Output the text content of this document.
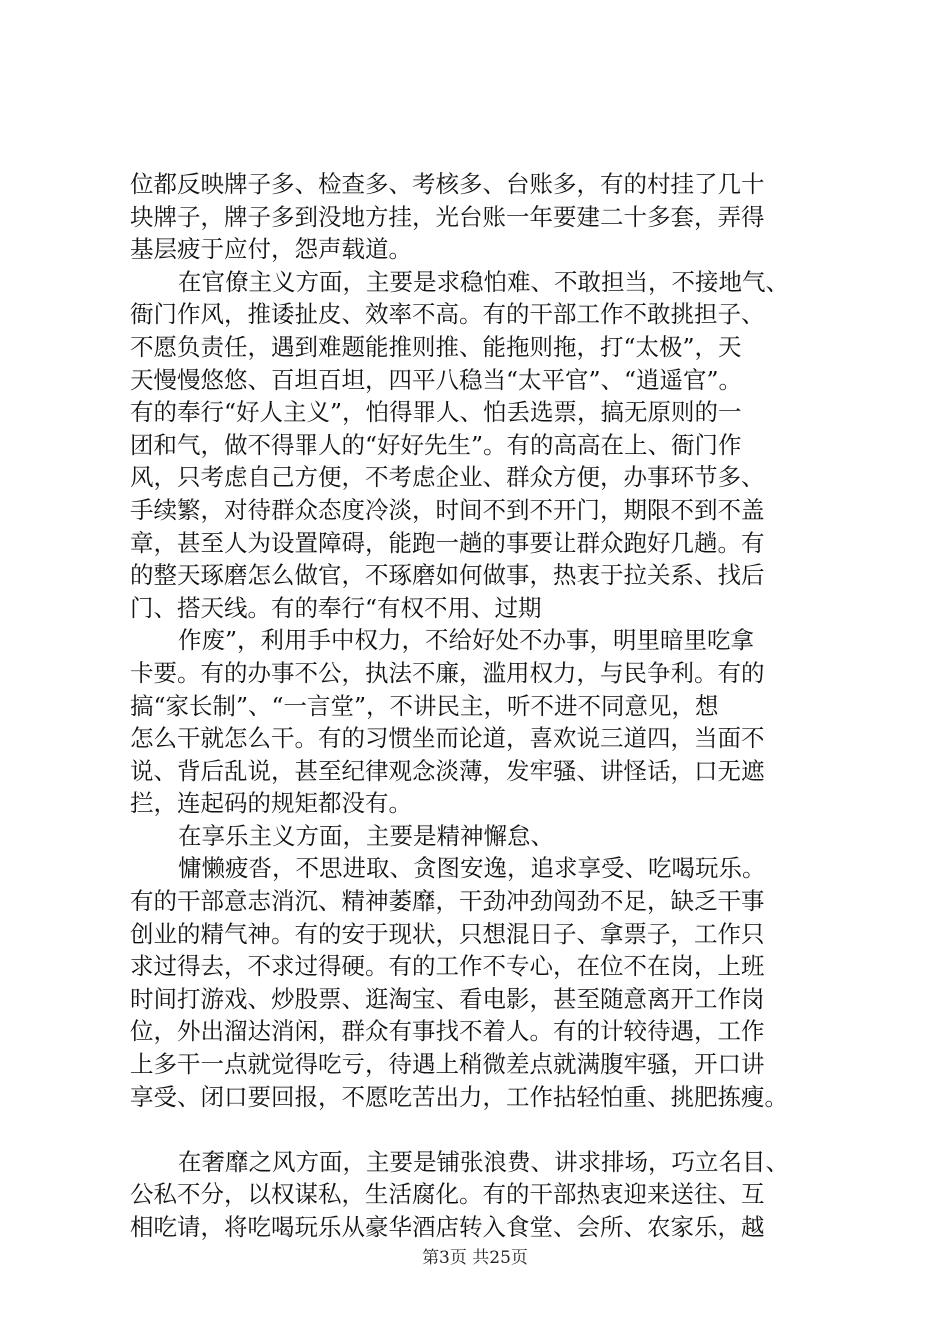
位都反映牌子多、检查多、考核多、台账多，有的村挂了几十
块牌子，牌子多到没地方挂，光台账一年要建二十多套，弄得
基层疲于应付，怨声载道。
在官僚主义方面，主要是求稳怕难、不敢担当，不接地气、
衙门作风，推诿扯皮、效率不高。有的干部工作不敢挑担子、
不愿负责任，遇到难题能推则推、能拖则拖，打“太极”，天
天慢慢悠悠、百坦百坦，四平八稳当“太平官”、“逍遥官”。
有的奉行“好人主义”，怕得罪人、怕丢选票，搞无原则的一
团和气，做不得罪人的“好好先生”。有的高高在上、衙门作
风，只考虑自己方便，不考虑企业、群众方便，办事环节多、
手续繁，对待群众态度冷淡，时间不到不开门，期限不到不盖
章，甚至人为设置障碍，能跑一趟的事要让群众跑好几趟。有
的整天琢磨怎么做官，不琢磨如何做事，热衷于拉关系、找后
门、搭天线。有的奉行“有权不用、过期
作废”，利用手中权力，不给好处不办事，明里暗里吃拿
卡要。有的办事不公，执法不廉，滥用权力，与民争利。有的
搞“家长制”、“一言堂”，不讲民主，听不进不同意见，想
怎么干就怎么干。有的习惯坐而论道，喜欢说三道四，当面不
说、背后乱说，甚至纪律观念淡薄，发牢骚、讲怪话，口无遮
拦，连起码的规矩都没有。
在享乐主义方面，主要是精神懈怠、
慵懒疲沓，不思进取、贪图安逸，追求享受、吃喝玩乐。
有的干部意志消沉、精神萎靡，干劲冲劲闯劲不足，缺乏干事
创业的精气神。有的安于现状，只想混日子、拿票子，工作只
求过得去，不求过得硬。有的工作不专心，在位不在岗，上班
时间打游戏、炒股票、逛淘宝、看电影，甚至随意离开工作岗
位，外出溜达消闲，群众有事找不着人。有的计较待遇，工作
上多干一点就觉得吃亏，待遇上稍微差点就满腹牢骚，开口讲
享受、闭口要回报，不愿吃苦出力，工作拈轻怕重、挑肥拣瘦。
在奢靡之风方面，主要是铺张浪费、讲求排场，巧立名目、
公私不分，以权谋私，生活腐化。有的干部热衷迎来送往、互
相吃请，将吃喝玩乐从豪华酒店转入食堂、会所、农家乐，越
第3页 共25页
